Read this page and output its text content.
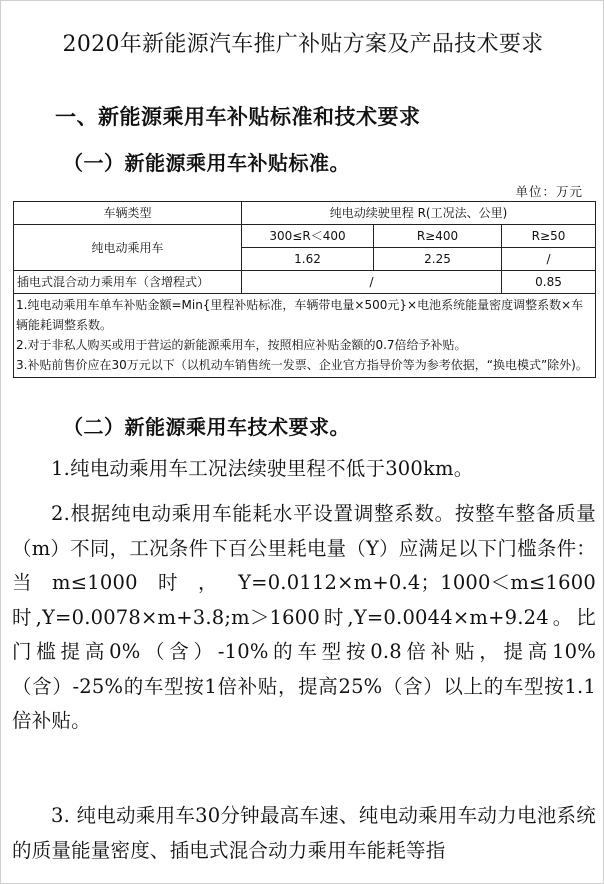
2020年新能源汽车推广补贴方案及产品技术要求
一、新能源乘用车补贴标准和技术要求
（一）新能源乘用车补贴标准。
单位：万元
车辆类型	纯电动续驶里程 R(工况法、公里)		
纯电动乘用车	300≤R＜400	R≥400	R≥50
	1.62	2.25	/
插电式混合动力乘用车（含增程式）	/		0.85

1.纯电动乘用车单车补贴金额=Min{里程补贴标准，车辆带电量×500元}×电池系统能量密度调整系数×车辆能耗调整系数。
2.对于非私人购买或用于营运的新能源乘用车，按照相应补贴金额的0.7倍给予补贴。
3.补贴前售价应在30万元以下（以机动车销售统一发票、企业官方指导价等为参考依据，“换电模式”除外)。			
（二）新能源乘用车技术要求。
1.纯电动乘用车工况法续驶里程不低于300km。
2.根据纯电动乘用车能耗水平设置调整系数。按整车整备质量（m）不同，工况条件下百公里耗电量（Y）应满足以下门槛条件：当m≤1000时，Y=0.0112×m+0.4；1000＜m≤1600时,Y=0.0078×m+3.8;m＞1600时,Y=0.0044×m+9.24。比门槛提高0%（含）-10%的车型按0.8倍补贴，提高10%（含）-25%的车型按1倍补贴，提高25%（含）以上的车型按1.1倍补贴。
3. 纯电动乘用车30分钟最高车速、纯电动乘用车动力电池系统的质量能量密度、插电式混合动力乘用车能耗等指
